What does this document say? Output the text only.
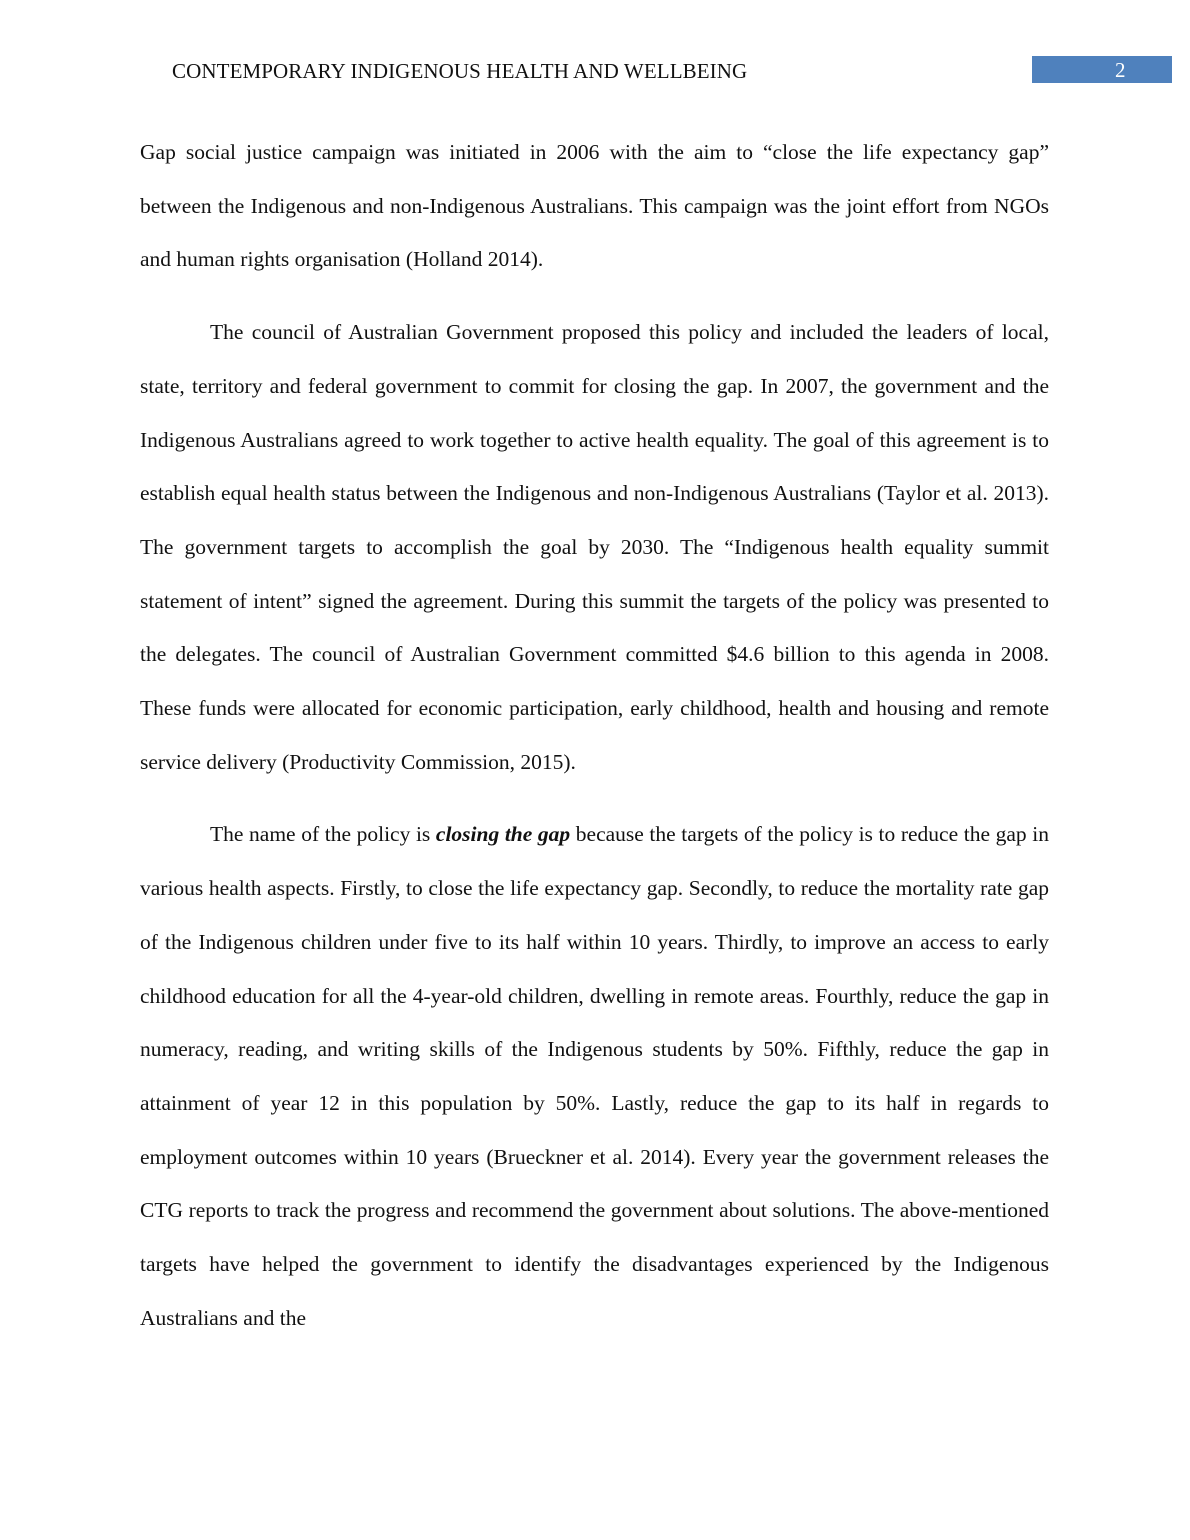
CONTEMPORARY INDIGENOUS HEALTH AND WELLBEING	2

Gap social justice campaign was initiated in 2006 with the aim to “close the life expectancy gap” between the Indigenous and non-Indigenous Australians. This campaign was the joint effort from NGOs and human rights organisation (Holland 2014).

The council of Australian Government proposed this policy and included the leaders of local, state, territory and federal government to commit for closing the gap. In 2007, the government and the Indigenous Australians agreed to work together to active health equality. The goal of this agreement is to establish equal health status between the Indigenous and non-Indigenous Australians (Taylor et al. 2013). The government targets to accomplish the goal by 2030. The “Indigenous health equality summit statement of intent” signed the agreement. During this summit the targets of the policy was presented to the delegates. The council of Australian Government committed $4.6 billion to this agenda in 2008. These funds were allocated for economic participation, early childhood, health and housing and remote service delivery (Productivity Commission, 2015).

The name of the policy is closing the gap because the targets of the policy is to reduce the gap in various health aspects. Firstly, to close the life expectancy gap. Secondly, to reduce the mortality rate gap of the Indigenous children under five to its half within 10 years. Thirdly, to improve an access to early childhood education for all the 4-year-old children, dwelling in remote areas. Fourthly, reduce the gap in numeracy, reading, and writing skills of the Indigenous students by 50%. Fifthly, reduce the gap in attainment of year 12 in this population by 50%. Lastly, reduce the gap to its half in regards to employment outcomes within 10 years (Brueckner et al. 2014). Every year the government releases the CTG reports to track the progress and recommend the government about solutions. The above-mentioned targets have helped the government to identify the disadvantages experienced by the Indigenous Australians and the
